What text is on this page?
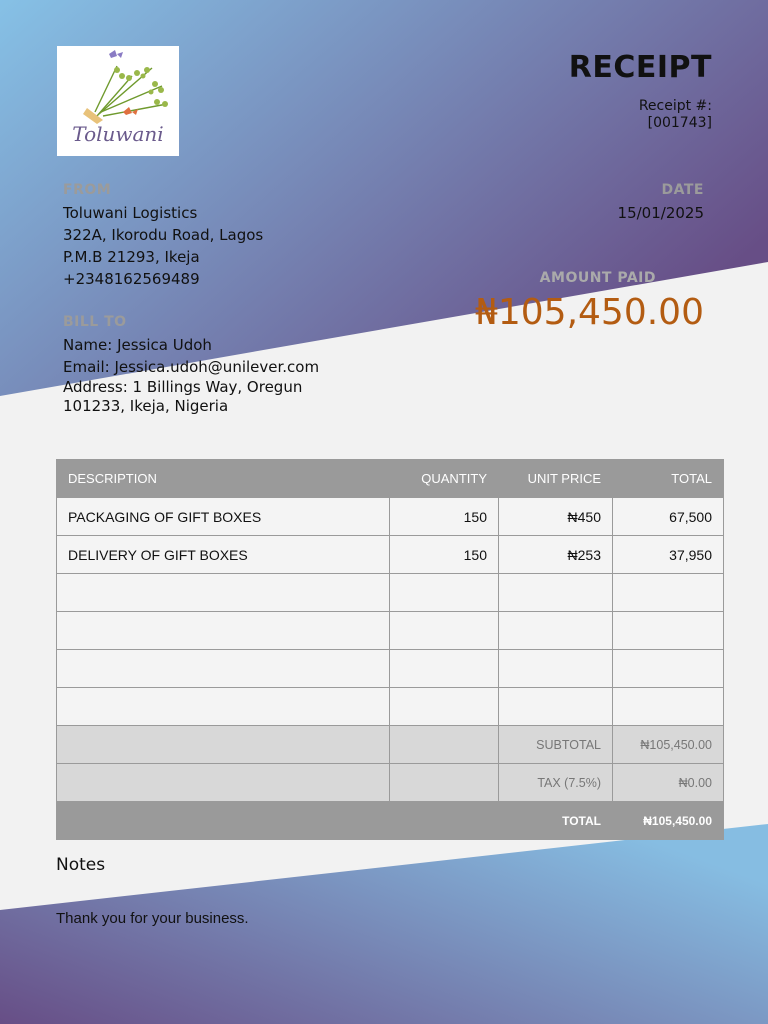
Toluwani
RECEIPT
Receipt #:
[001743]
FROM
Toluwani Logistics
322A, Ikorodu Road, Lagos
P.M.B 21293, Ikeja
+2348162569489
DATE
15/01/2025
AMOUNT PAID
₦105,450.00
BILL TO
Name: Jessica Udoh
Email: Jessica.udoh@unilever.com
Address: 1 Billings Way, Oregun 101233, Ikeja, Nigeria
DESCRIPTION	QUANTITY	UNIT PRICE	TOTAL
PACKAGING OF GIFT BOXES	150	₦450	67,500
DELIVERY OF GIFT BOXES	150	₦253	37,950

		SUBTOTAL	₦105,450.00
		TAX (7.5%)	₦0.00
		TOTAL	₦105,450.00
Notes
Thank you for your business.
